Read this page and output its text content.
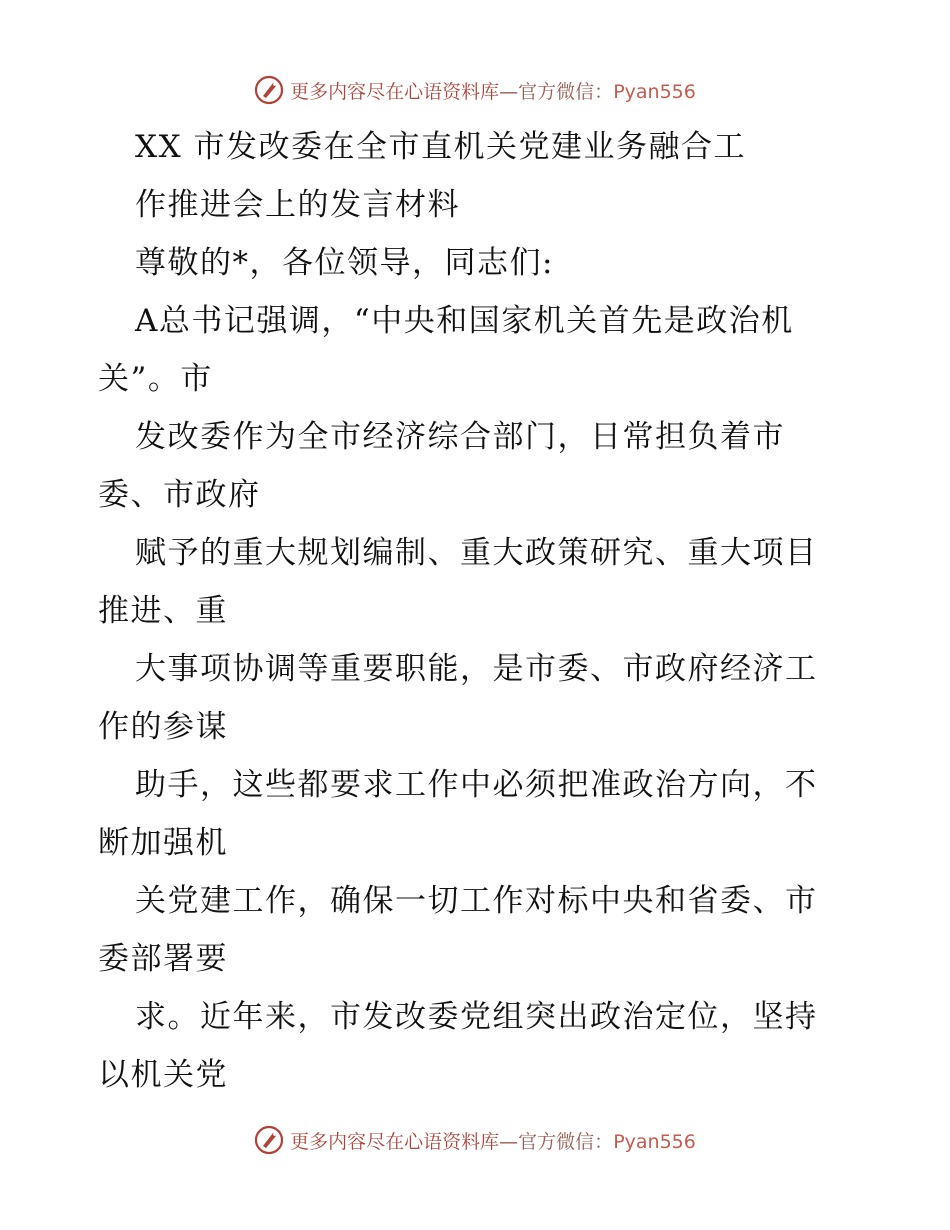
更多内容尽在心语资料库—官方微信：Pyan556
XX 市发改委在全市直机关党建业务融合工
作推进会上的发言材料
尊敬的*，各位领导，同志们:
A总书记强调，“中央和国家机关首先是政治机
关”。市
发改委作为全市经济综合部门，日常担负着市
委、市政府
赋予的重大规划编制、重大政策研究、重大项目
推进、重
大事项协调等重要职能，是市委、市政府经济工
作的参谋
助手，这些都要求工作中必须把准政治方向，不
断加强机
关党建工作，确保一切工作对标中央和省委、市
委部署要
求。近年来，市发改委党组突出政治定位，坚持
以机关党
更多内容尽在心语资料库—官方微信：Pyan556
